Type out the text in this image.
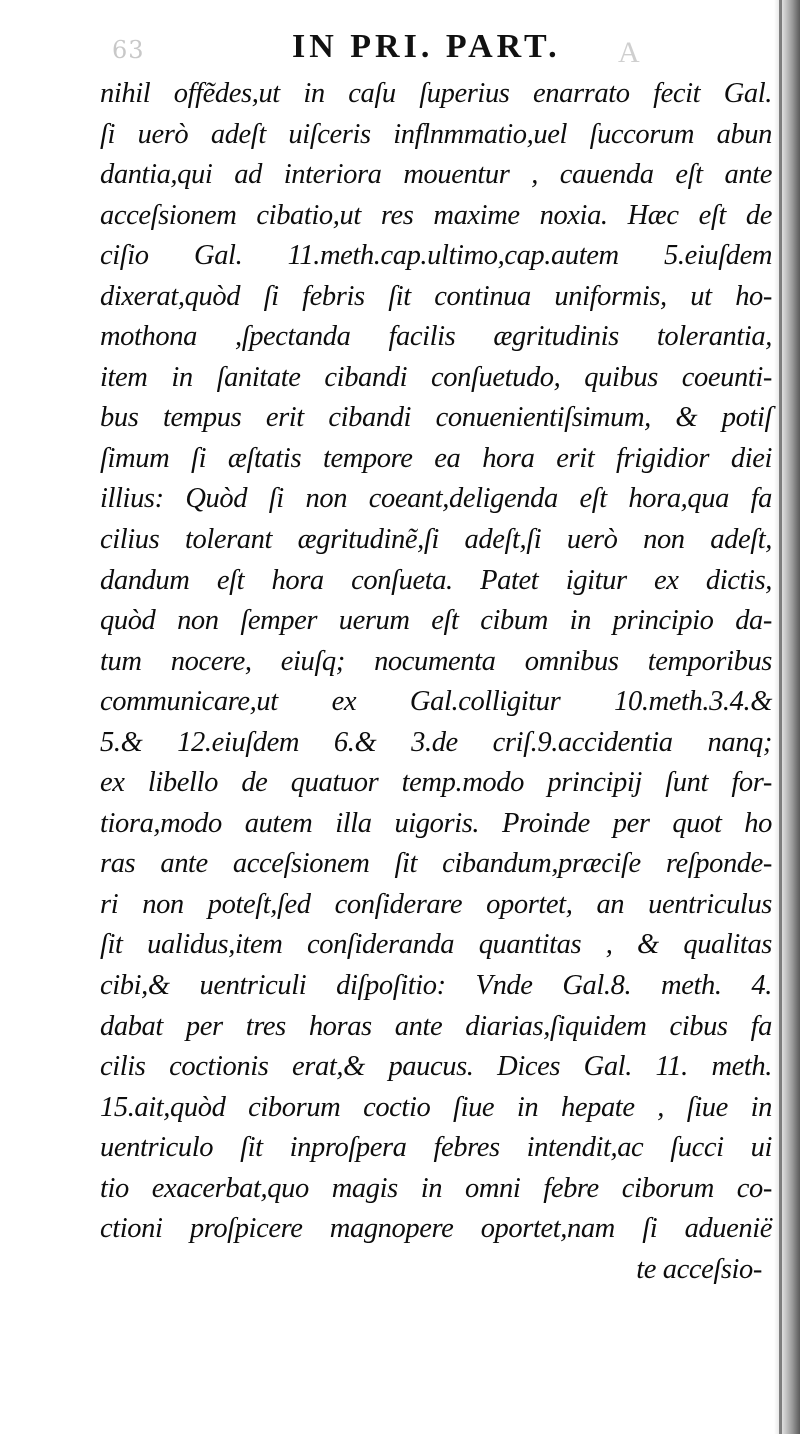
63	IN PRI. PART. A
nihil offẽdes,ut in caſu ſuperius enarrato fecit Gal.
ſi uerò adeſt uiſceris inflnmmatio,uel ſuccorum abun
dantia,qui ad interiora mouentur , cauenda eſt ante
acceſsionem cibatio,ut res maxime noxia. Hæc eſt de
ciſio Gal. 11.meth.cap.ultimo,cap.autem 5.eiuſdem
dixerat,quòd ſi febris ſit continua uniformis, ut ho-
mothona ,ſpectanda facilis ægritudinis tolerantia,
item in ſanitate cibandi conſuetudo, quibus coeunti-
bus tempus erit cibandi conuenientiſsimum, & potiſ
ſimum ſi æſtatis tempore ea hora erit frigidior diei
illius: Quòd ſi non coeant,deligenda eſt hora,qua fa
cilius tolerant ægritudinẽ,ſi adeſt,ſi uerò non adeſt,
dandum eſt hora conſueta. Patet igitur ex dictis,
quòd non ſemper uerum eſt cibum in principio da-
tum nocere, eiuſq; nocumenta omnibus temporibus
communicare,ut ex Gal.colligitur 10.meth.3.4.&
5.& 12.eiuſdem 6.& 3.de criſ.9.accidentia nanq;
ex libello de quatuor temp.modo principij ſunt for-
tiora,modo autem illa uigoris. Proinde per quot ho
ras ante acceſsionem ſit cibandum,præciſe reſponde-
ri non poteſt,ſed conſiderare oportet, an uentriculus
ſit ualidus,item conſideranda quantitas , & qualitas
cibi,& uentriculi diſpoſitio: Vnde Gal.8. meth. 4.
dabat per tres horas ante diarias,ſiquidem cibus fa
cilis coctionis erat,& paucus. Dices Gal. 11. meth.
15.ait,quòd ciborum coctio ſiue in hepate , ſiue in
uentriculo ſit inproſpera febres intendit,ac ſucci ui
tio exacerbat,quo magis in omni febre ciborum co-
ctioni proſpicere magnopere oportet,nam ſi aduenië
te acceſsio-
